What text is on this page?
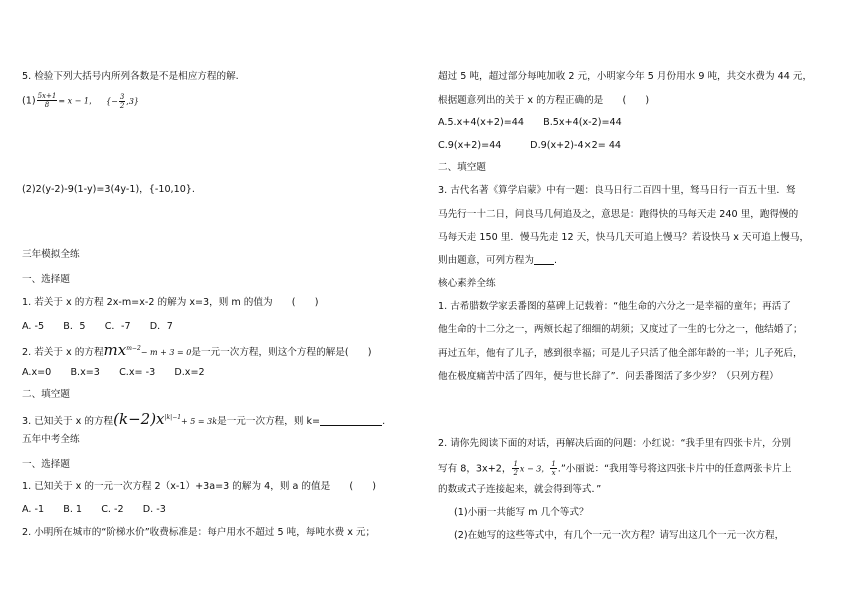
5. 检验下列大括号内所列各数是不是相应方程的解.
$(1) \frac{5x+1}{8} = x - 1$， {− $\frac{3}{2} ,3$}
(2)2(y-2)-9(1-y)=3(4y-1)，{-10,10}.
三年模拟全练
一、选择题
1. 若关于 x 的方程 2x-m=x-2 的解为 x=3，则 m 的值为　　(　　)
A. -5　　B．5　　C．-7　　D．7
2. 若关于 x 的方程$mx^{m-2}- m + 3 = 0$是一元一次方程，则这个方程的解是(　　)
A.x=0　　B.x=3　　C.x= -3　　D.x=2
二、填空题
3. 已知关于 x 的方程$(k-2)x^{|k|-1}+ 5 = 3k$是一元一次方程，则 k=	.
五年中考全练
一、选择题
1. 已知关于 x 的一元一次方程 2（x-1）+3a=3 的解为 4，则 a 的值是　　(　　)
A. -1　　B. 1　　C. -2　　D. -3
2. 小明所在城市的“阶梯水价”收费标准是：每户用水不超过 5 吨，每吨水费 x 元；
超过 5 吨，超过部分每吨加收 2 元，小明家今年 5 月份用水 9 吨，共交水费为 44 元，
根据题意列出的关于 x 的方程正确的是　　(　　)
A.5.x+4(x+2)=44　　B.5x+4(x-2)=44
C.9(x+2)=44　　　D.9(x+2)-4×2= 44
二、填空题
3. 古代名著《算学启蒙》中有一题：良马日行二百四十里，驽马日行一百五十里．驽
马先行一十二日，问良马几何追及之，意思是：跑得快的马每天走 240 里，跑得慢的
马每天走 150 里．慢马先走 12 天，快马几天可追上慢马？若设快马 x 天可追上慢马，
则由题意，可列方程为 .
核心素养全练
1. 古希腊数学家丢番图的墓碑上记载着：“他生命的六分之一是幸福的童年；再活了
他生命的十二分之一，两颊长起了细细的胡须；又度过了一生的七分之一，他结婚了；
再过五年，他有了儿子，感到很幸福；可是儿子只活了他全部年龄的一半；儿子死后，
他在极度痛苦中活了四年，便与世长辞了”．问丢番图活了多少岁？（只列方程）
2. 请你先阅读下面的对话，再解决后面的问题：小红说：“我手里有四张卡片，分别
写有 8，3x+2， $\frac{1}{2}$ x − 3， $\frac{1}{x}$ .”小丽说：“我用等号将这四张卡片中的任意两张卡片上
的数或式子连接起来，就会得到等式．”
(1)小丽一共能写 m 几个等式？
(2)在她写的这些等式中，有几个一元一次方程？请写出这几个一元一次方程，
